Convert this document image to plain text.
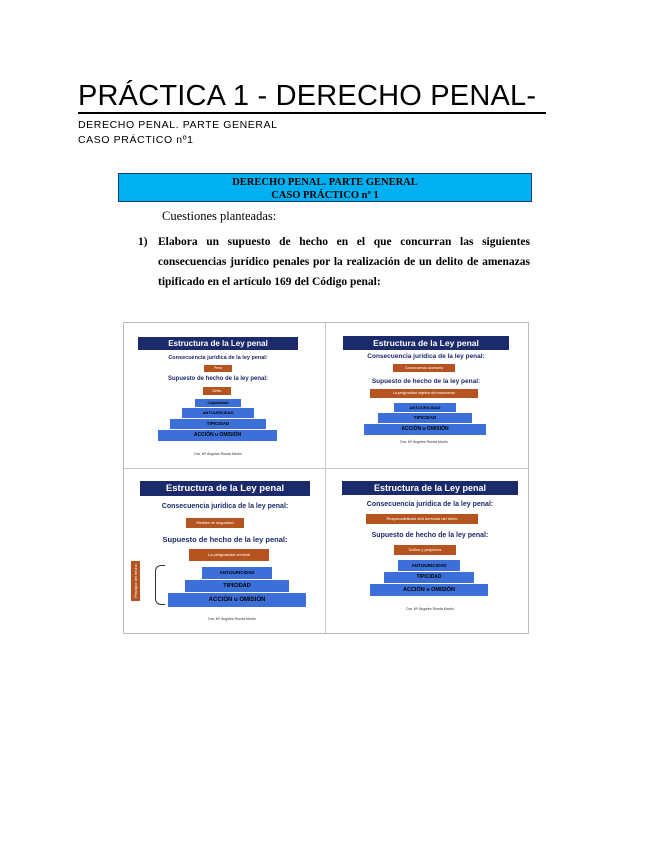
PRÁCTICA 1 - DERECHO PENAL-
DERECHO PENAL. PARTE GENERAL
CASO PRÁCTICO nº1
DERECHO PENAL. PARTE GENERAL
CASO PRÁCTICO nº 1
Cuestiones planteadas:
1) Elabora un supuesto de hecho en el que concurran las siguientes consecuencias jurídico penales por la realización de un delito de amenazas tipificado en el artículo 169 del Código penal:
Estructura de la Ley penal
Consecuencia jurídica de la ley penal:
Pena
Supuesto de hecho de la ley penal:
Delito
Culpabilidad
ANTIJURICIDAD
TIPICIDAD
ACCIÓN u OMISIÓN
Dra. Mª Ángeles Rueda Martín
Estructura de la Ley penal
Consecuencia jurídica de la ley penal:
Consecuencia accesoria
Supuesto de hecho de la ley penal:
La peligrosidad objetiva del instrumento
ANTIJURICIDAD
TIPICIDAD
ACCIÓN u OMISIÓN
Dra. Mª Ángeles Rueda Martín
Estructura de la Ley penal
Consecuencia jurídica de la ley penal:
Medida de seguridad
Supuesto de hecho de la ley penal:
La peligrosidad criminal
Principio del hecho	ANTIJURICIDAD
TIPICIDAD
ACCIÓN u OMISIÓN
Dra. Mª Ángeles Rueda Martín
Estructura de la Ley penal
Consecuencia jurídica de la ley penal:
Responsabilidad civil derivada del delito
Supuesto de hecho de la ley penal:
Daños y perjuicios
ANTIJURICIDAD
TIPICIDAD
ACCIÓN u OMISIÓN
Dra. Mª Ángeles Rueda Martín
